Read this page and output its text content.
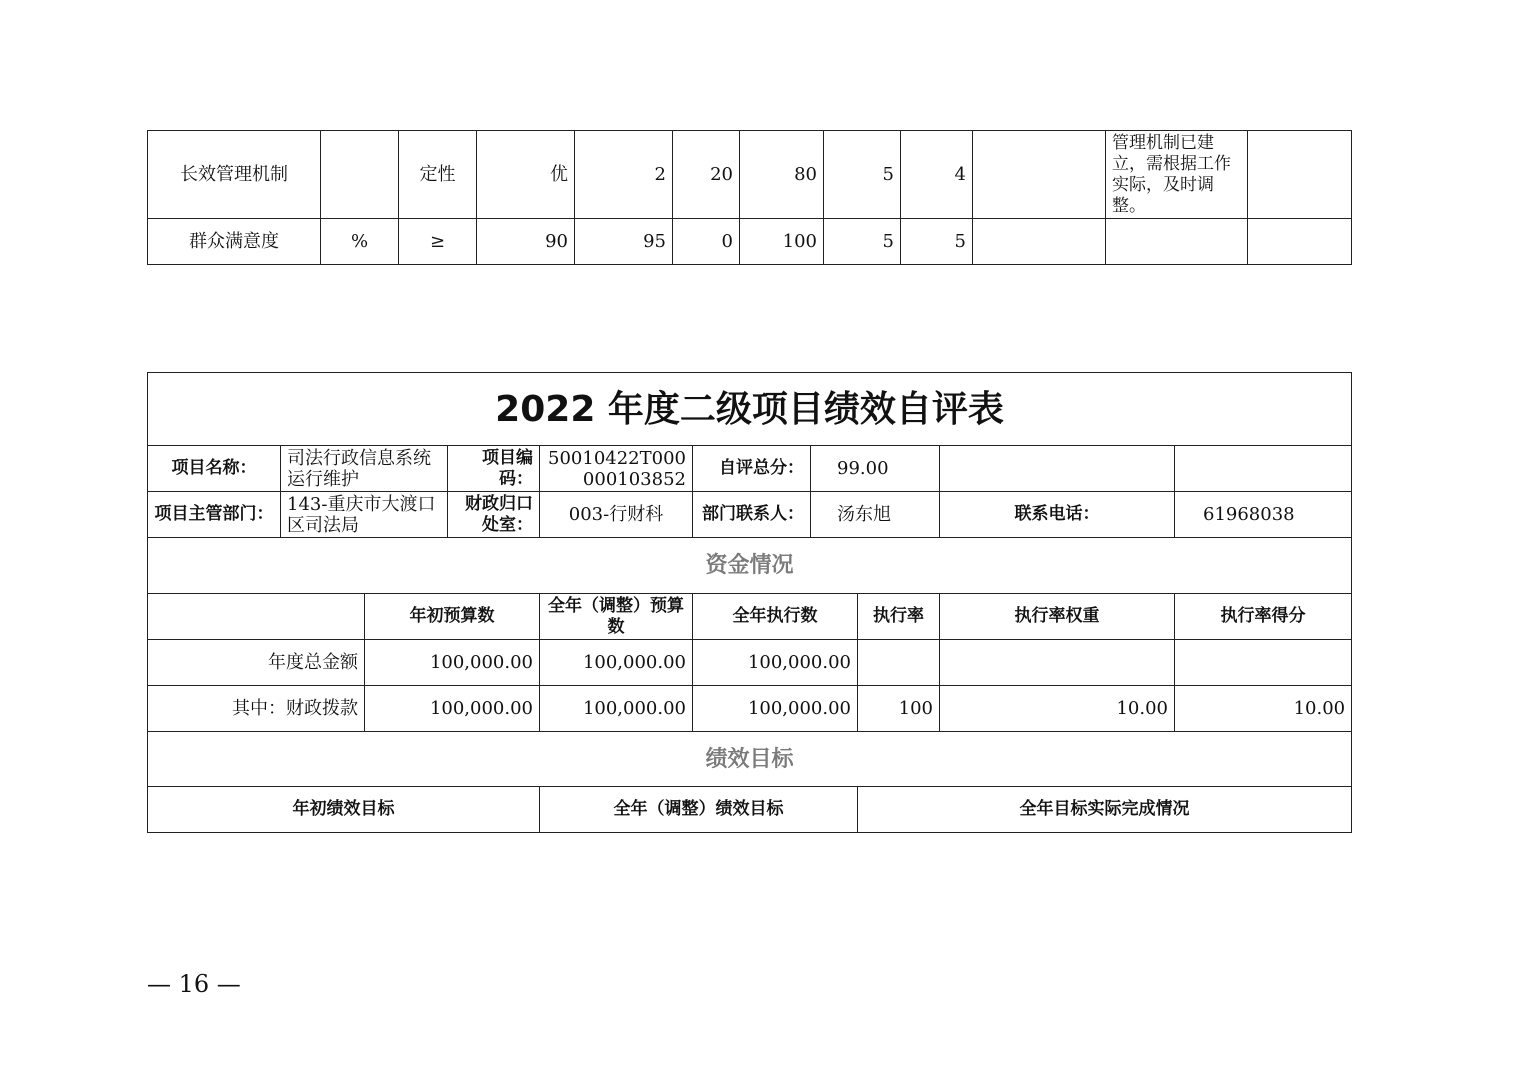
长效管理机制		定性	优	2	20	80	5	4		管理机制已建立，需根据工作实际，及时调整。	
群众满意度	%	≥	90	95	0	100	5	5			
2022 年度二级项目绩效自评表									
项目名称：	司法行政信息系统运行维护		项目编码：	50010422T000000103852	自评总分：	99.00			
项目主管部门：	143-重庆市大渡口区司法局		财政归口处室：	003-行财科	部门联系人：	汤东旭		联系电话：	61968038
资金情况									
		年初预算数		全年（调整）预算数	全年执行数		执行率	执行率权重	执行率得分
年度总金额		100,000.00		100,000.00	100,000.00				
其中：财政拨款		100,000.00		100,000.00	100,000.00		100	10.00	10.00
绩效目标									
年初绩效目标				全年（调整）绩效目标			全年目标实际完成情况		
— 16 —
